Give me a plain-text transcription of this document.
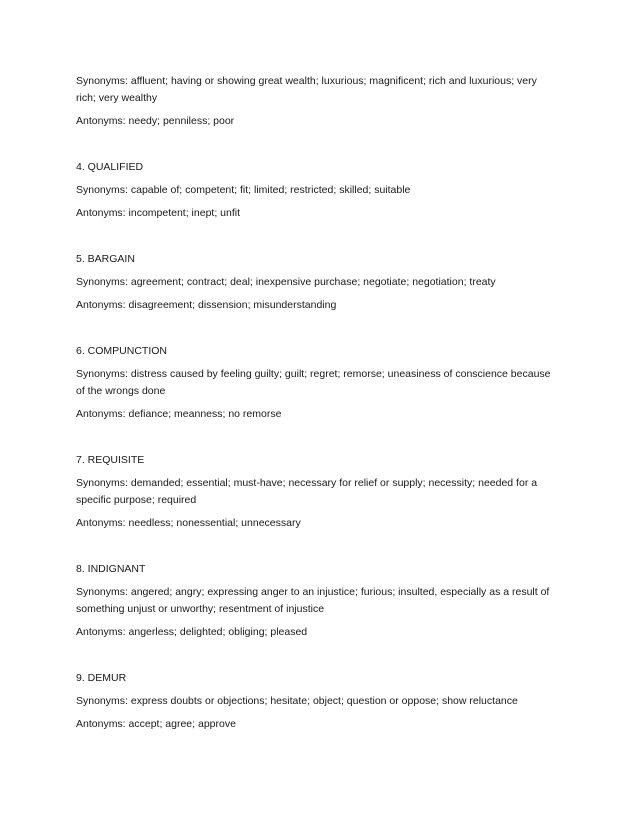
Synonyms: affluent; having or showing great wealth; luxurious; magnificent; rich and luxurious; very rich; very wealthy

Antonyms: needy; penniless; poor

4. QUALIFIED

Synonyms: capable of; competent; fit; limited; restricted; skilled; suitable

Antonyms: incompetent; inept; unfit

5. BARGAIN

Synonyms: agreement; contract; deal; inexpensive purchase; negotiate; negotiation; treaty

Antonyms: disagreement; dissension; misunderstanding

6. COMPUNCTION

Synonyms: distress caused by feeling guilty; guilt; regret; remorse; uneasiness of conscience because of the wrongs done

Antonyms: defiance; meanness; no remorse

7. REQUISITE

Synonyms: demanded; essential; must-have; necessary for relief or supply; necessity; needed for a specific purpose; required

Antonyms: needless; nonessential; unnecessary

8. INDIGNANT

Synonyms: angered; angry; expressing anger to an injustice; furious; insulted, especially as a result of something unjust or unworthy; resentment of injustice

Antonyms: angerless; delighted; obliging; pleased

9. DEMUR

Synonyms: express doubts or objections; hesitate; object; question or oppose; show reluctance

Antonyms: accept; agree; approve
